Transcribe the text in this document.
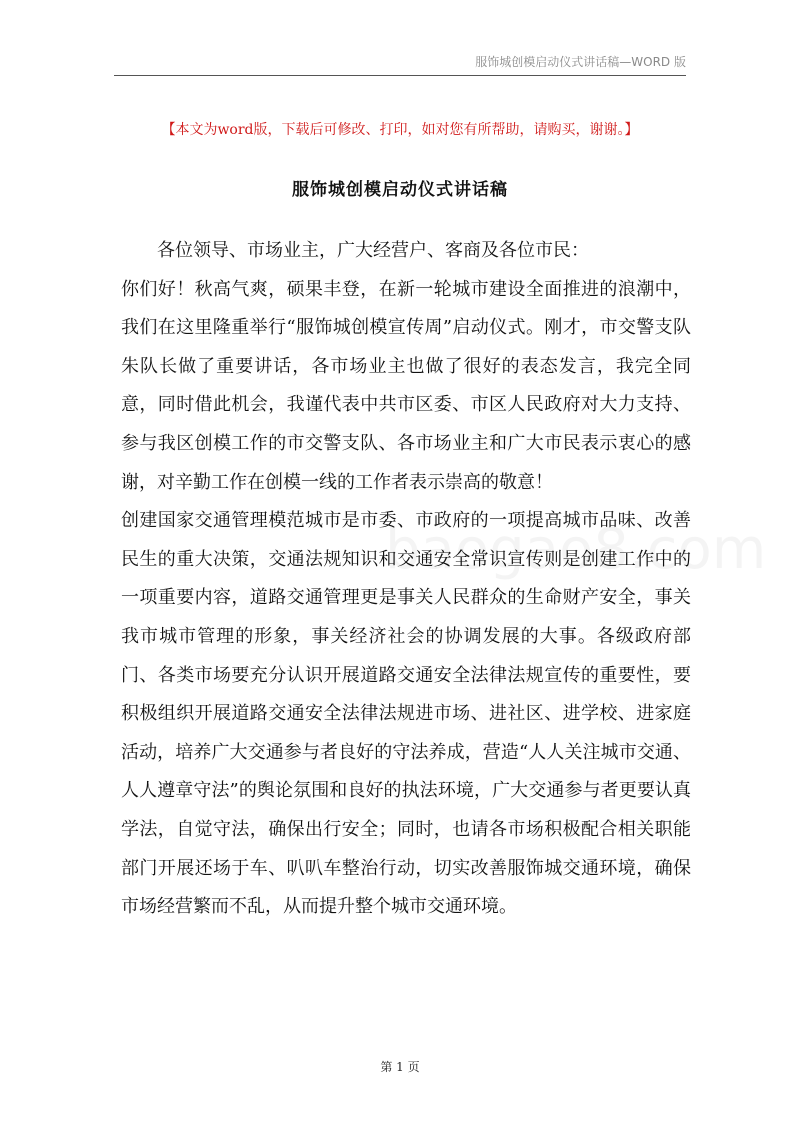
服饰城创模启动仪式讲话稿—WORD 版
【本文为word版，下载后可修改、打印，如对您有所帮助，请购买，谢谢。】
服饰城创模启动仪式讲话稿

各位领导、市场业主，广大经营户、客商及各位市民：

你们好！秋高气爽，硕果丰登，在新一轮城市建设全面推进的浪潮中，我们在这里隆重举行“服饰城创模宣传周”启动仪式。刚才，市交警支队朱队长做了重要讲话，各市场业主也做了很好的表态发言，我完全同意，同时借此机会，我谨代表中共市区委、市区人民政府对大力支持、参与我区创模工作的市交警支队、各市场业主和广大市民表示衷心的感谢，对辛勤工作在创模一线的工作者表示崇高的敬意！

创建国家交通管理模范城市是市委、市政府的一项提高城市品味、改善民生的重大决策，交通法规知识和交通安全常识宣传则是创建工作中的一项重要内容，道路交通管理更是事关人民群众的生命财产安全，事关我市城市管理的形象，事关经济社会的协调发展的大事。各级政府部门、各类市场要充分认识开展道路交通安全法律法规宣传的重要性，要积极组织开展道路交通安全法律法规进市场、进社区、进学校、进家庭活动，培养广大交通参与者良好的守法养成，营造“人人关注城市交通、人人遵章守法”的舆论氛围和良好的执法环境，广大交通参与者更要认真学法，自觉守法，确保出行安全；同时，也请各市场积极配合相关职能部门开展还场于车、叭叭车整治行动，切实改善服饰城交通环境，确保市场经营繁而不乱，从而提升整个城市交通环境。

第 1 页
